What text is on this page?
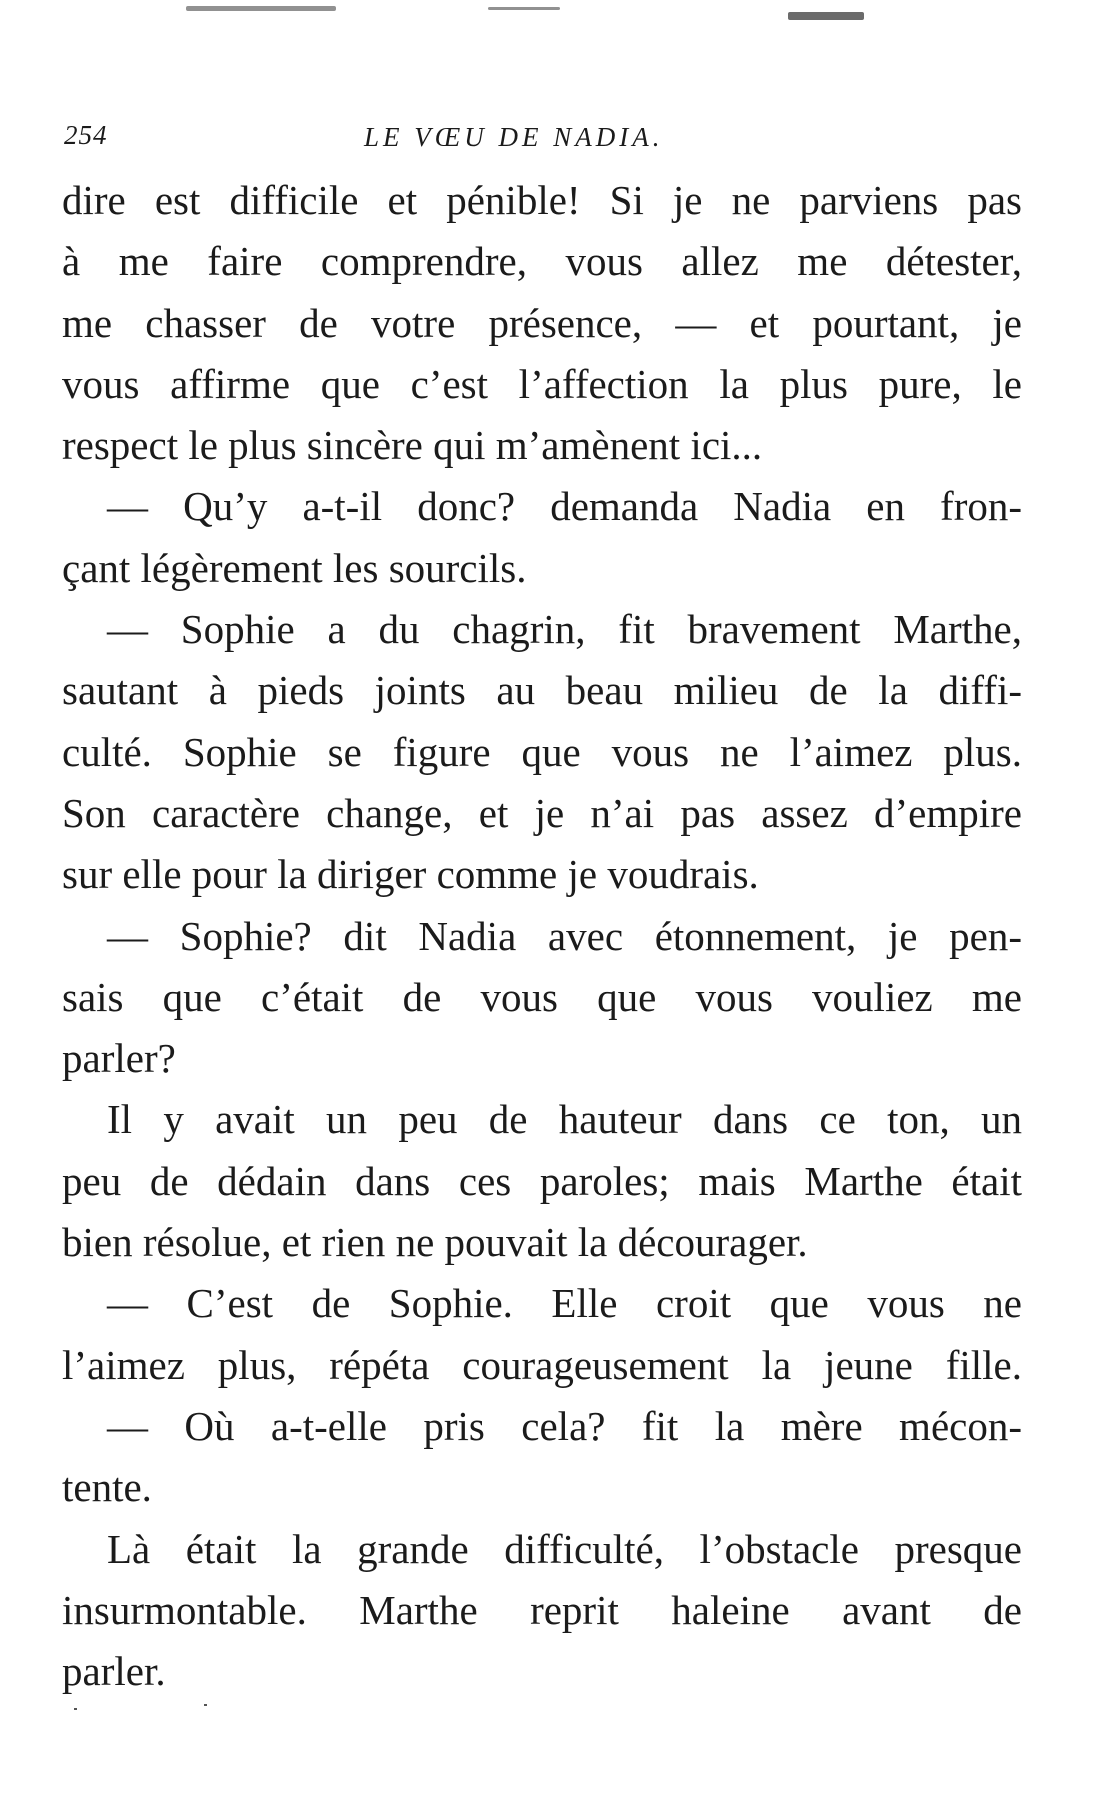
254	LE VŒU DE NADIA.
dire est difficile et pénible! Si je ne parviens pas
à me faire comprendre, vous allez me détester,
me chasser de votre présence, — et pourtant, je
vous affirme que c’est l’affection la plus pure, le
respect le plus sincère qui m’amènent ici...
— Qu’y a-t-il donc? demanda Nadia en fron-
çant légèrement les sourcils.
— Sophie a du chagrin, fit bravement Marthe,
sautant à pieds joints au beau milieu de la diffi-
culté. Sophie se figure que vous ne l’aimez plus.
Son caractère change, et je n’ai pas assez d’empire
sur elle pour la diriger comme je voudrais.
— Sophie? dit Nadia avec étonnement, je pen-
sais que c’était de vous que vous vouliez me
parler?
Il y avait un peu de hauteur dans ce ton, un
peu de dédain dans ces paroles; mais Marthe était
bien résolue, et rien ne pouvait la décourager.
— C’est de Sophie. Elle croit que vous ne
l’aimez plus, répéta courageusement la jeune fille.
— Où a-t-elle pris cela? fit la mère mécon-
tente.
Là était la grande difficulté, l’obstacle presque
insurmontable. Marthe reprit haleine avant de
parler.
